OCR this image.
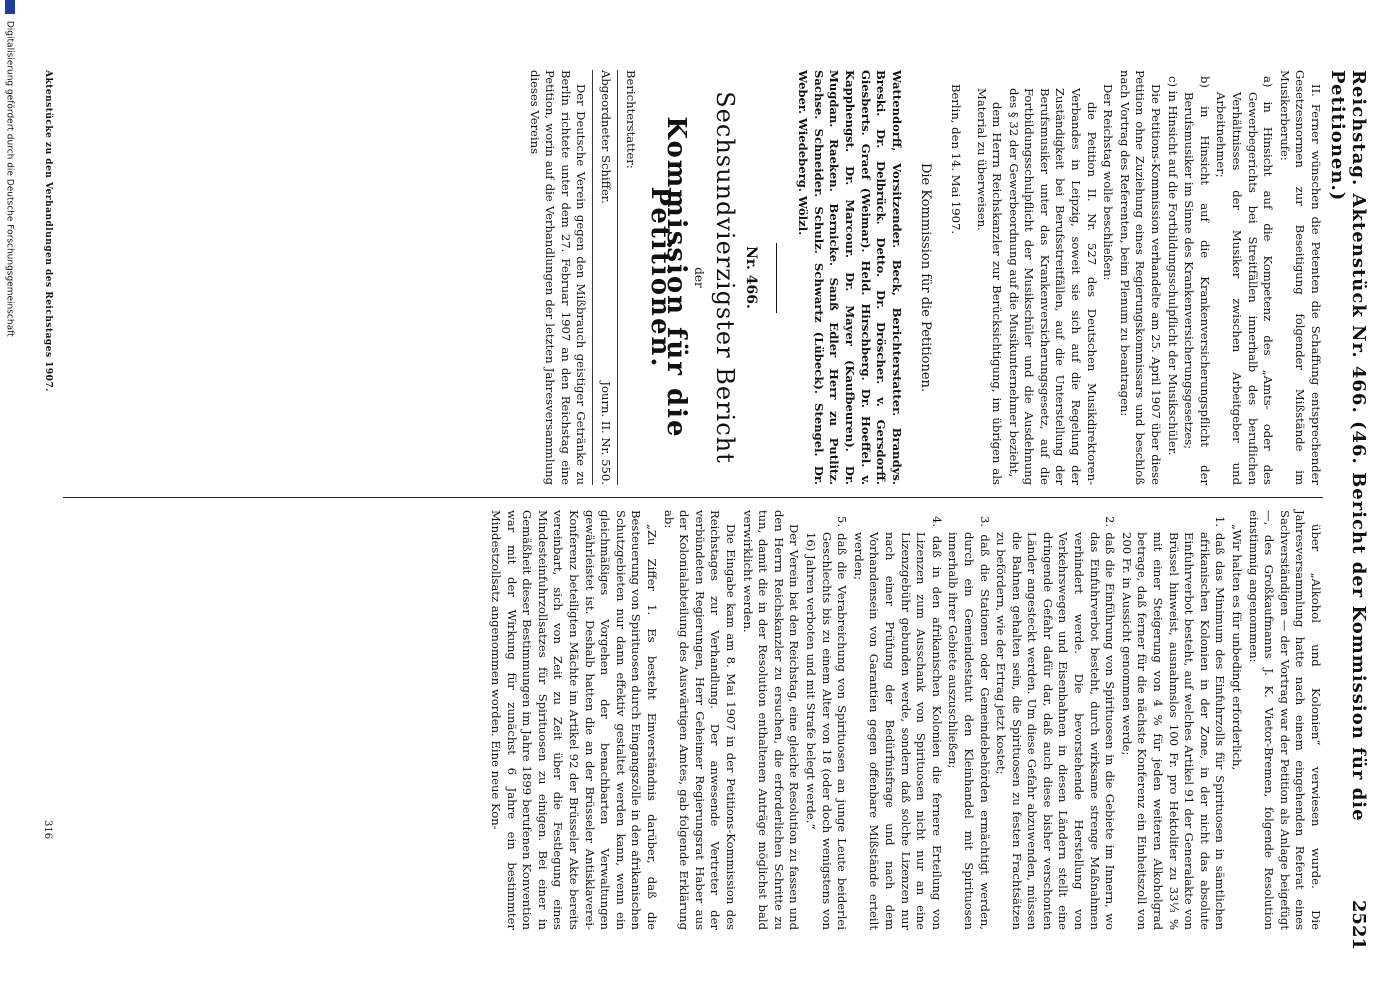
Reichstag. Aktenstück Nr. 466. (46. Bericht der Kommission für die Petitionen.)
2521

II. Ferner wünschen die Petenten die Schaffung entsprechender Gesetzesnormen zur Beseitigung folgender Mißstände im Musikerberufe:

a) in Hinsicht auf die Kompetenz des „Amts- oder des Gewerbegerichts bei Streitfällen innerhalb des beruflichen Verhältnisses der Musiker zwischen Arbeitgeber und Arbeitnehmer;

b) in Hinsicht auf die Krankenversicherungspflicht der Berufsmusiker im Sinne des Krankenversicherungsgesetzes;

c) in Hinsicht auf die Fortbildungsschulpflicht der Musikschüler.

Die Petitions-Kommission verhandelte am 25. April 1907 über diese Petition ohne Zuziehung eines Regierungskommissars und beschloß nach Vortrag des Referenten, beim Plenum zu beantragen:

Der Reichstag wolle beschließen:

die Petition II. Nr. 527 des Deutschen Musikdirektoren-Verbandes in Leipzig, soweit sie sich auf die Regelung der Zuständigkeit bei Berufsstreitfällen, auf die Unterstellung der Berufsmusiker unter das Krankenversicherungsgesetz, auf die Fortbildungsschulpflicht der Musikschüler und die Ausdehnung des § 32 der Gewerbeordnung auf die Musikunternehmer bezieht,

dem Herrn Reichskanzler zur Berücksichtigung, im übrigen als Material zu überweisen.

Berlin, den 14. Mai 1907.

Die Kommission für die Petitionen.

Wattendorff, Vorsitzender. Beck, Berichterstatter. Brandys. Breski. Dr. Delbrück. Detto. Dr. Dröscher. v. Gersdorff. Giesberts. Graef (Weimar). Held. Hirschberg. Dr. Hoeffel. v. Kapphengst. Dr. Marcour. Dr. Mayer (Kaufbeuren). Dr. Mugdan. Raeken. Bernicke. Sanß Edler Herr zu Putlitz. Sachse. Schneider. Schulz. Schwartz (Lübeck). Stengel. Dr. Weber. Wiedeberg. Wölzl.

Nr. 466.

Sechsundvierzigster Bericht

der

Kommission für die Petitionen.

Berichterstatter:
Abgeordneter Schiffer.
Journ. II. Nr. 550.

Der Deutsche Verein gegen den Mißbrauch geistiger Getränke zu Berlin richtete unter dem 27. Februar 1907 an den Reichstag eine Petition, worin auf die Verhandlungen der letzten Jahresversammlung dieses Vereins

über „Alkohol und Kolonien“ verwiesen wurde. Die Jahresversammlung hatte nach einem eingehenden Referat eines Sachverständigen — der Vortrag war der Petition als Anlage beigefügt —, des Großkaufmanns J. K. Vietor-Bremen, folgende Resolution einstimmig angenommen:

„Wir halten es für unbedingt erforderlich,

1. daß das Minimum des Einfuhrzolls für Spirituosen in sämtlichen afrikanischen Kolonien in der Zone, in der nicht das absolute Einfuhrverbot besteht, auf welches Artikel 91 der Generalakte von Brüssel hinweist, ausnahmslos 100 Fr. pro Hektoliter zu 33⅓ % mit einer Steigerung von 4 % für jeden weiteren Alkoholgrad betrage, daß ferner für die nächste Konferenz ein Einheitszoll von 200 Fr. in Aussicht genommen werde;

2. daß die Einführung von Spirituosen in die Gebiete im Innern, wo das Einfuhrverbot besteht, durch wirksame strenge Maßnahmen verhindert werde. Die bevorstehende Herstellung von Verkehrswegen und Eisenbahnen in diesen Ländern stellt eine dringende Gefahr dafür dar, daß auch diese bisher verschonten Länder angesteckt werden. Um diese Gefahr abzuwenden, müssen die Bahnen gehalten sein, die Spirituosen zu festen Frachtsätzen zu befördern, wie der Ertrag jetzt kostet;

3. daß die Stationen oder Gemeindebehörden ermächtigt werden, durch ein Gemeindestatut den Kleinhandel mit Spirituosen innerhalb ihrer Gebiete auszuschließen;

4. daß in den afrikanischen Kolonien die fernere Erteilung von Lizenzen zum Ausschank von Spirituosen nicht nur an eine Lizenzgebühr gebunden werde, sondern daß solche Lizenzen nur nach einer Prüfung der Bedürfnisfrage und nach dem Vorhandensein von Garantien gegen offenbare Mißstände erteilt werden;

5. daß die Verabreichung von Spirituosen an junge Leute beiderlei Geschlechts bis zu einem Alter von 18 (oder doch wenigstens von 16) Jahren verboten und mit Strafe belegt werde.“

Der Verein bat den Reichstag, eine gleiche Resolution zu fassen und den Herrn Reichskanzler zu ersuchen, die erforderlichen Schritte zu tun, damit die in der Resolution enthaltenen Anträge möglichst bald verwirklicht werden.

Die Eingabe kam am 8. Mai 1907 in der Petitions-Kommission des Reichstages zur Verhandlung. Der anwesende Vertreter der verbündeten Regierungen, Herr Geheimer Regierungsrat Haber aus der Kolonialabteilung des Auswärtigen Amtes, gab folgende Erklärung ab:

„Zu Ziffer 1. Es besteht Einverständnis darüber, daß die Besteuerung von Spirituosen durch Eingangszölle in den afrikanischen Schutzgebieten nur dann effektiv gestaltet werden kann, wenn ein gleichmäßiges Vorgehen der benachbarten Verwaltungen gewährleistet ist. Deshalb hatten die an der Brüsseler Antisklaverei-Konferenz beteiligten Mächte im Artikel 92 der Brüsseler Akte bereits vereinbart, sich von Zeit zu Zeit über die Festlegung eines Mindesteinfuhrzollsatzes für Spirituosen zu einigen. Bei einer in Gemäßheit dieser Bestimmungen im Jahre 1899 berufenen Konvention war mit der Wirkung für zunächst 6 Jahre ein bestimmter Mindestzollsatz angenommen worden. Eine neue Kon-

Aktenstücke zu den Verhandlungen des Reichstages 1907.
316
Digitalisierung gefördert durch die Deutsche Forschungsgemeinschaft
